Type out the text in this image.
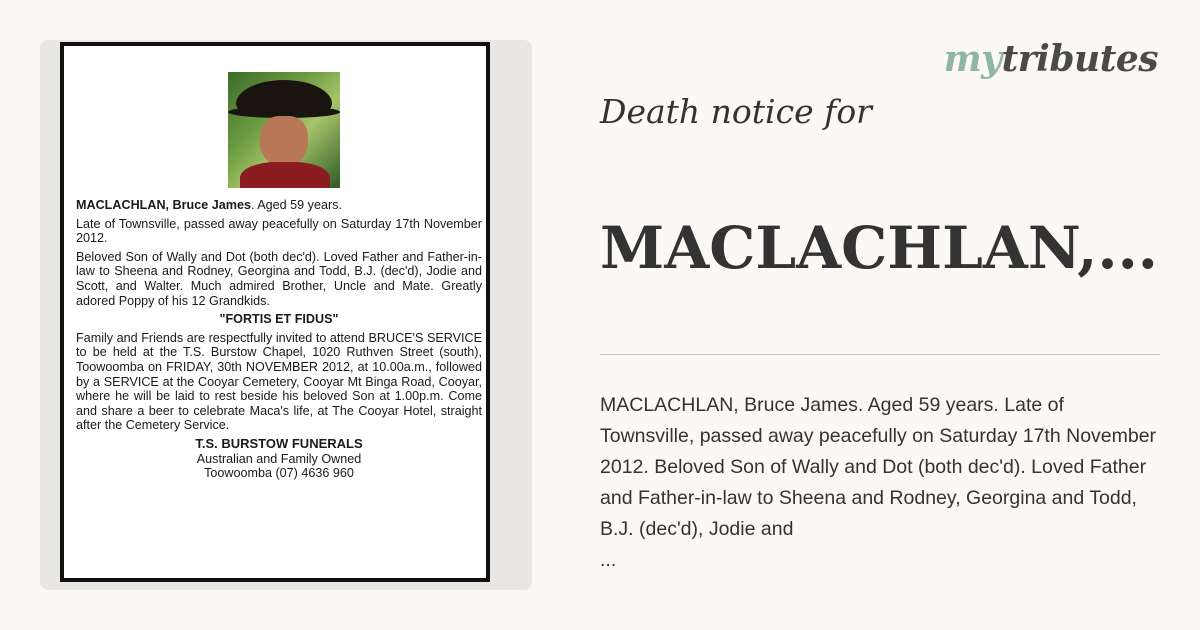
MACLACHLAN, Bruce James. Aged 59 years.

Late of Townsville, passed away peacefully on Saturday 17th November 2012.

Beloved Son of Wally and Dot (both dec'd). Loved Father and Father-in-law to Sheena and Rodney, Georgina and Todd, B.J. (dec'd), Jodie and Scott, and Walter. Much admired Brother, Uncle and Mate. Greatly adored Poppy of his 12 Grandkids.

"FORTIS ET FIDUS"

Family and Friends are respectfully invited to attend BRUCE'S SERVICE to be held at the T.S. Burstow Chapel, 1020 Ruthven Street (south), Toowoomba on FRIDAY, 30th NOVEMBER 2012, at 10.00a.m., followed by a SERVICE at the Cooyar Cemetery, Cooyar Mt Binga Road, Cooyar, where he will be laid to rest beside his beloved Son at 1.00p.m. Come and share a beer to celebrate Maca's life, at The Cooyar Hotel, straight after the Cemetery Service.

T.S. BURSTOW FUNERALS
Australian and Family Owned
Toowoomba (07) 4636 960
mytributes
Death notice for
MACLACHLAN,...
MACLACHLAN, Bruce James. Aged 59 years. Late of Townsville, passed away peacefully on Saturday 17th November 2012. Beloved Son of Wally and Dot (both dec'd). Loved Father and Father-in-law to Sheena and Rodney, Georgina and Todd, B.J. (dec'd), Jodie and
...
